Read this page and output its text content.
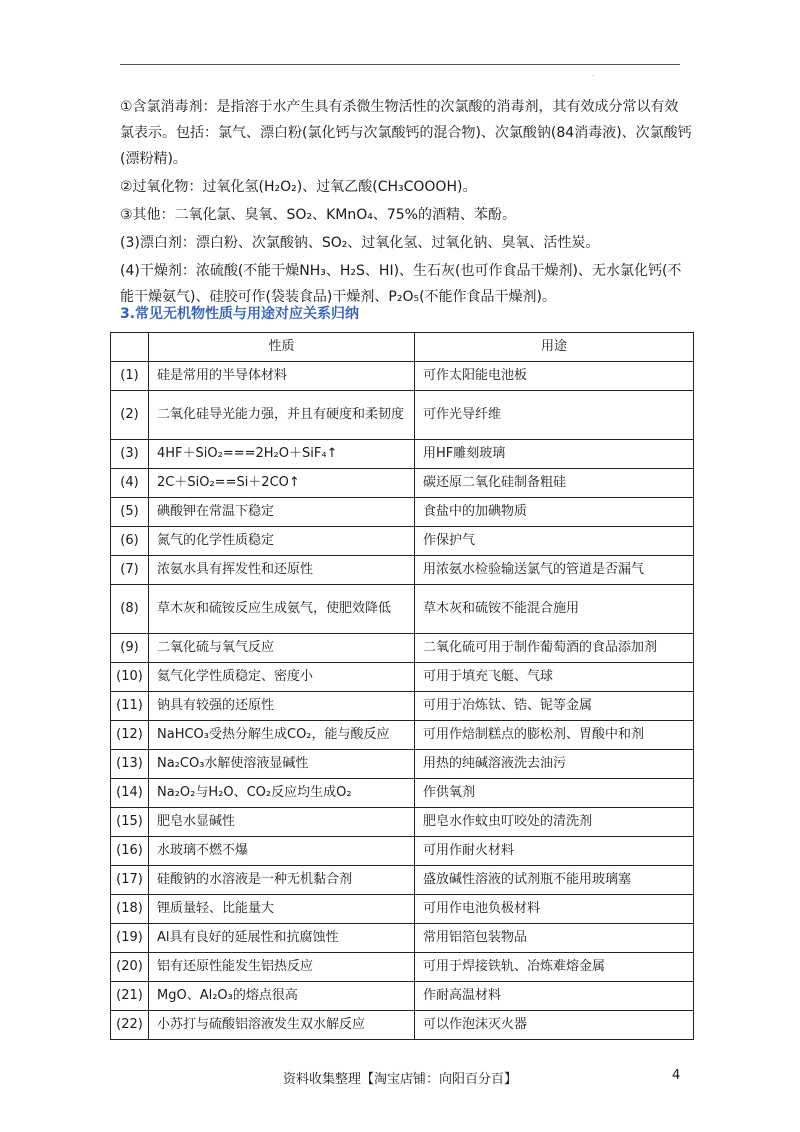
.

①含氯消毒剂：是指溶于水产生具有杀微生物活性的次氯酸的消毒剂，其有效成分常以有效氯表示。包括：氯气、漂白粉(氯化钙与次氯酸钙的混合物)、次氯酸钠(84消毒液)、次氯酸钙(漂粉精)。

②过氧化物：过氧化氢(H₂O₂)、过氧乙酸(CH₃COOOH)。

③其他：二氧化氯、臭氧、SO₂、KMnO₄、75%的酒精、苯酚。

(3)漂白剂：漂白粉、次氯酸钠、SO₂、过氧化氢、过氧化钠、臭氧、活性炭。

(4)干燥剂：浓硫酸(不能干燥NH₃、H₂S、HI)、生石灰(也可作食品干燥剂)、无水氯化钙(不能干燥氨气)、硅胶可作(袋装食品)干燥剂、P₂O₅(不能作食品干燥剂)。

3.常见无机物性质与用途对应关系归纳
	性质	用途
(1)	硅是常用的半导体材料	可作太阳能电池板
(2)	二氧化硅导光能力强，并且有硬度和柔韧度	可作光导纤维
(3)	4HF＋SiO₂===2H₂O＋SiF₄↑	用HF雕刻玻璃
(4)	2C＋SiO₂==Si＋2CO↑	碳还原二氧化硅制备粗硅
(5)	碘酸钾在常温下稳定	食盐中的加碘物质
(6)	氮气的化学性质稳定	作保护气
(7)	浓氨水具有挥发性和还原性	用浓氨水检验输送氯气的管道是否漏气
(8)	草木灰和硫铵反应生成氨气，使肥效降低	草木灰和硫铵不能混合施用
(9)	二氧化硫与氧气反应	二氧化硫可用于制作葡萄酒的食品添加剂
(10)	氦气化学性质稳定、密度小	可用于填充飞艇、气球
(11)	钠具有较强的还原性	可用于冶炼钛、锆、铌等金属
(12)	NaHCO₃受热分解生成CO₂，能与酸反应	可用作焙制糕点的膨松剂、胃酸中和剂
(13)	Na₂CO₃水解使溶液显碱性	用热的纯碱溶液洗去油污
(14)	Na₂O₂与H₂O、CO₂反应均生成O₂	作供氧剂
(15)	肥皂水显碱性	肥皂水作蚊虫叮咬处的清洗剂
(16)	水玻璃不燃不爆	可用作耐火材料
(17)	硅酸钠的水溶液是一种无机黏合剂	盛放碱性溶液的试剂瓶不能用玻璃塞
(18)	锂质量轻、比能量大	可用作电池负极材料
(19)	Al具有良好的延展性和抗腐蚀性	常用铝箔包装物品
(20)	铝有还原性能发生铝热反应	可用于焊接铁轨、冶炼难熔金属
(21)	MgO、Al₂O₃的熔点很高	作耐高温材料
(22)	小苏打与硫酸铝溶液发生双水解反应	可以作泡沫灭火器
资料收集整理【淘宝店铺：向阳百分百】	4
